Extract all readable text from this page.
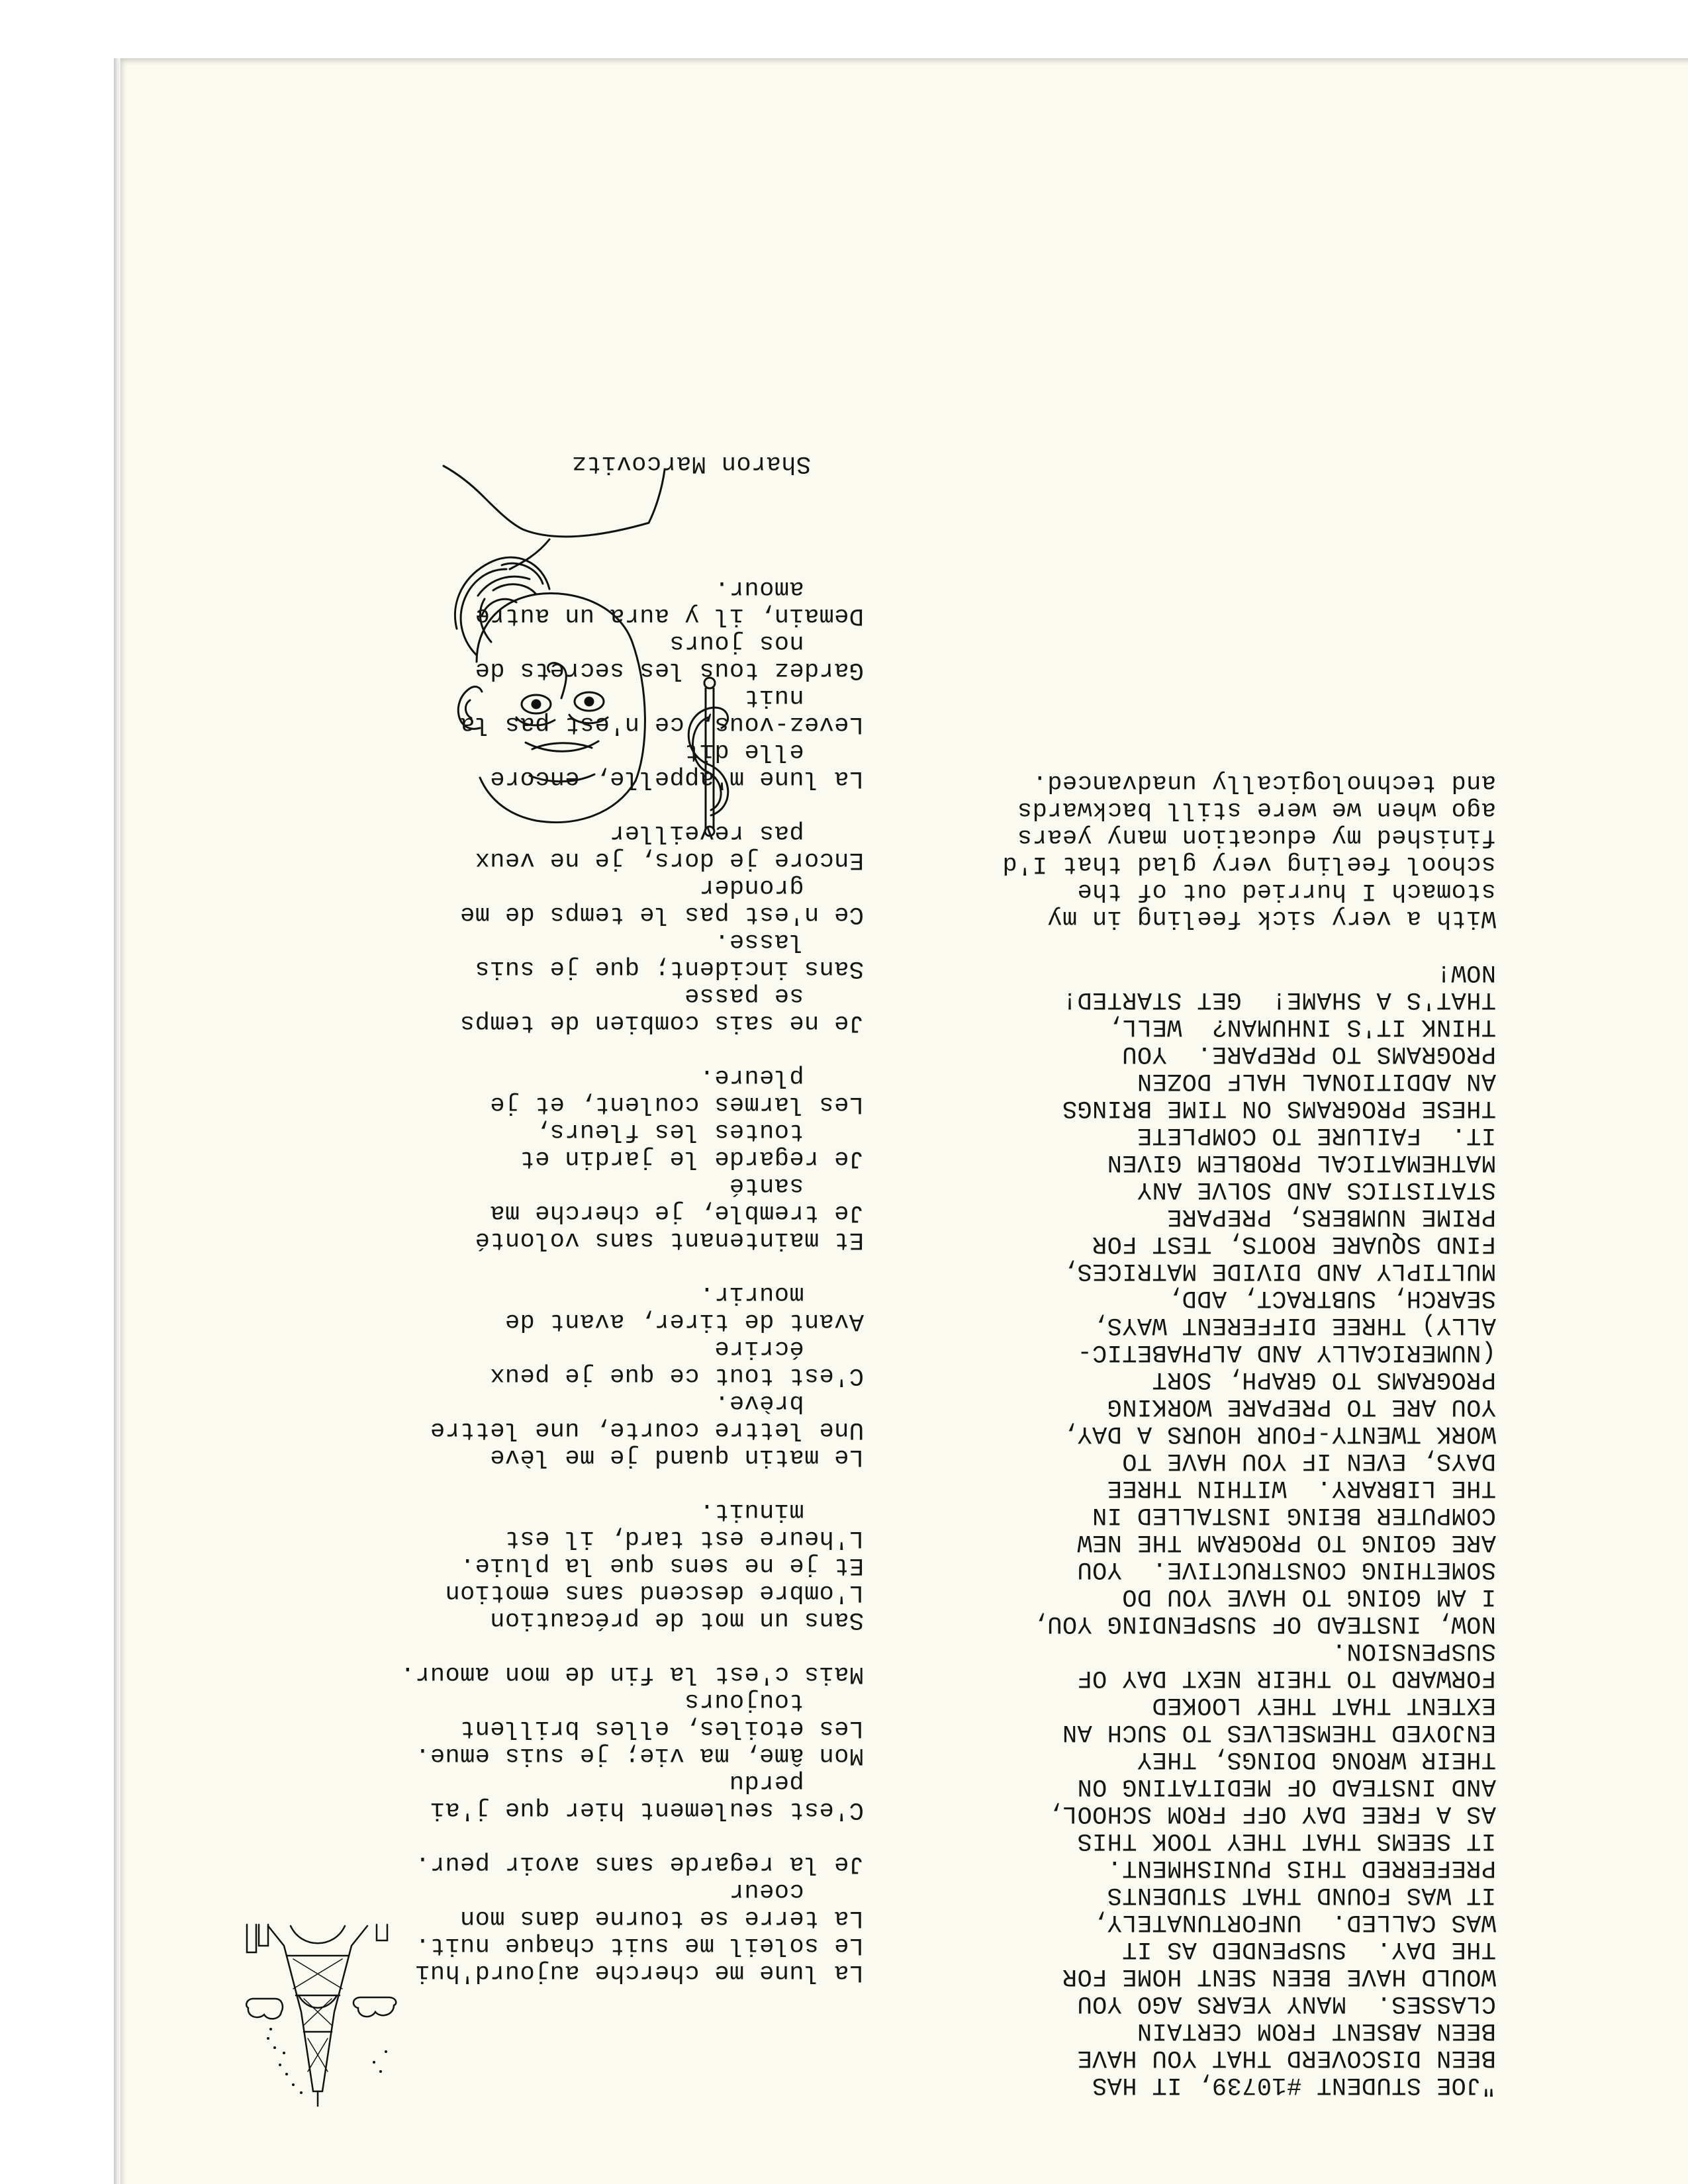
"JOE STUDENT #10739, IT HAS
BEEN DISCOVERD THAT YOU HAVE
BEEN ABSENT FROM CERTAIN
CLASSES.  MANY YEARS AGO YOU
WOULD HAVE BEEN SENT HOME FOR
THE DAY.  SUSPENDED AS IT
WAS CALLED.  UNFORTUNATELY,
IT WAS FOUND THAT STUDENTS
PREFERRED THIS PUNISHMENT.
IT SEEMS THAT THEY TOOK THIS
AS A FREE DAY OFF FROM SCHOOL,
AND INSTEAD OF MEDITATING ON
THEIR WRONG DOINGS, THEY
ENJOYED THEMSELVES TO SUCH AN
EXTENT THAT THEY LOOKED
FORWARD TO THEIR NEXT DAY OF
SUSPENSION.
NOW, INSTEAD OF SUSPENDING YOU,
I AM GOING TO HAVE YOU DO
SOMETHING CONSTRUCTIVE.  YOU
ARE GOING TO PROGRAM THE NEW
COMPUTER BEING INSTALLED IN
THE LIBRARY.  WITHIN THREE
DAYS, EVEN IF YOU HAVE TO
WORK TWENTY-FOUR HOURS A DAY,
YOU ARE TO PREPARE WORKING
PROGRAMS TO GRAPH, SORT
(NUMERICALLY AND ALPHABETIC-
ALLY) THREE DIFFERENT WAYS,
SEARCH, SUBTRACT, ADD,
MULTIPLY AND DIVIDE MATRICES,
FIND SQUARE ROOTS, TEST FOR
PRIME NUMBERS, PREPARE
STATISTICS AND SOLVE ANY
MATHEMATICAL PROBLEM GIVEN
IT.  FAILURE TO COMPLETE
THESE PROGRAMS ON TIME BRINGS
AN ADDITIONAL HALF DOZEN
PROGRAMS TO PREPARE.  YOU
THINK IT'S INHUMAN?  WELL,
THAT'S A SHAME!  GET STARTED!
NOW!

With a very sick feeling in my
stomach I hurried out of the
school feeling very glad that I'd
finished my education many years
ago when we were still backwards
and technologically unadvanced.
La lune me cherche aujourd'hui
Le soleil me suit chaque nuit.
La terre se tourne dans mon
coeur
Je la regarde sans avoir peur.

C'est seulement hier que j'ai
perdu
Mon âme, ma vie; je suis emue.
Les etoiles, elles brillent
toujours
Mais c'est la fin de mon amour.

Sans un mot de précaution
L'ombre descend sans emotion
Et je ne sens que la pluie.
L'heure est tard, il est
minuit.

Le matin quand je me lève
Une lettre courte, une lettre
brève.
C'est tout ce que je peux
écrire
Avant de tirer, avant de
mourir.

Et maintenant sans volonté
Je tremble, je cherche ma
santé
Je regarde le jardin et
toutes les fleurs,
Les larmes coulent, et je
pleure.

Je ne sais combien de temps
se passe
Sans incident; que je suis
lasse.
Ce n'est pas le temps de me
gronder
Encore je dors, je ne veux
pas reveiller

La lune m'appelle, encore
elle dit
Levez-vous, ce n'est pas la
nuit
Gardez tous les secrets de
nos jours
Demain, il y aura un autre
amour.
Sharon Marcovitz
